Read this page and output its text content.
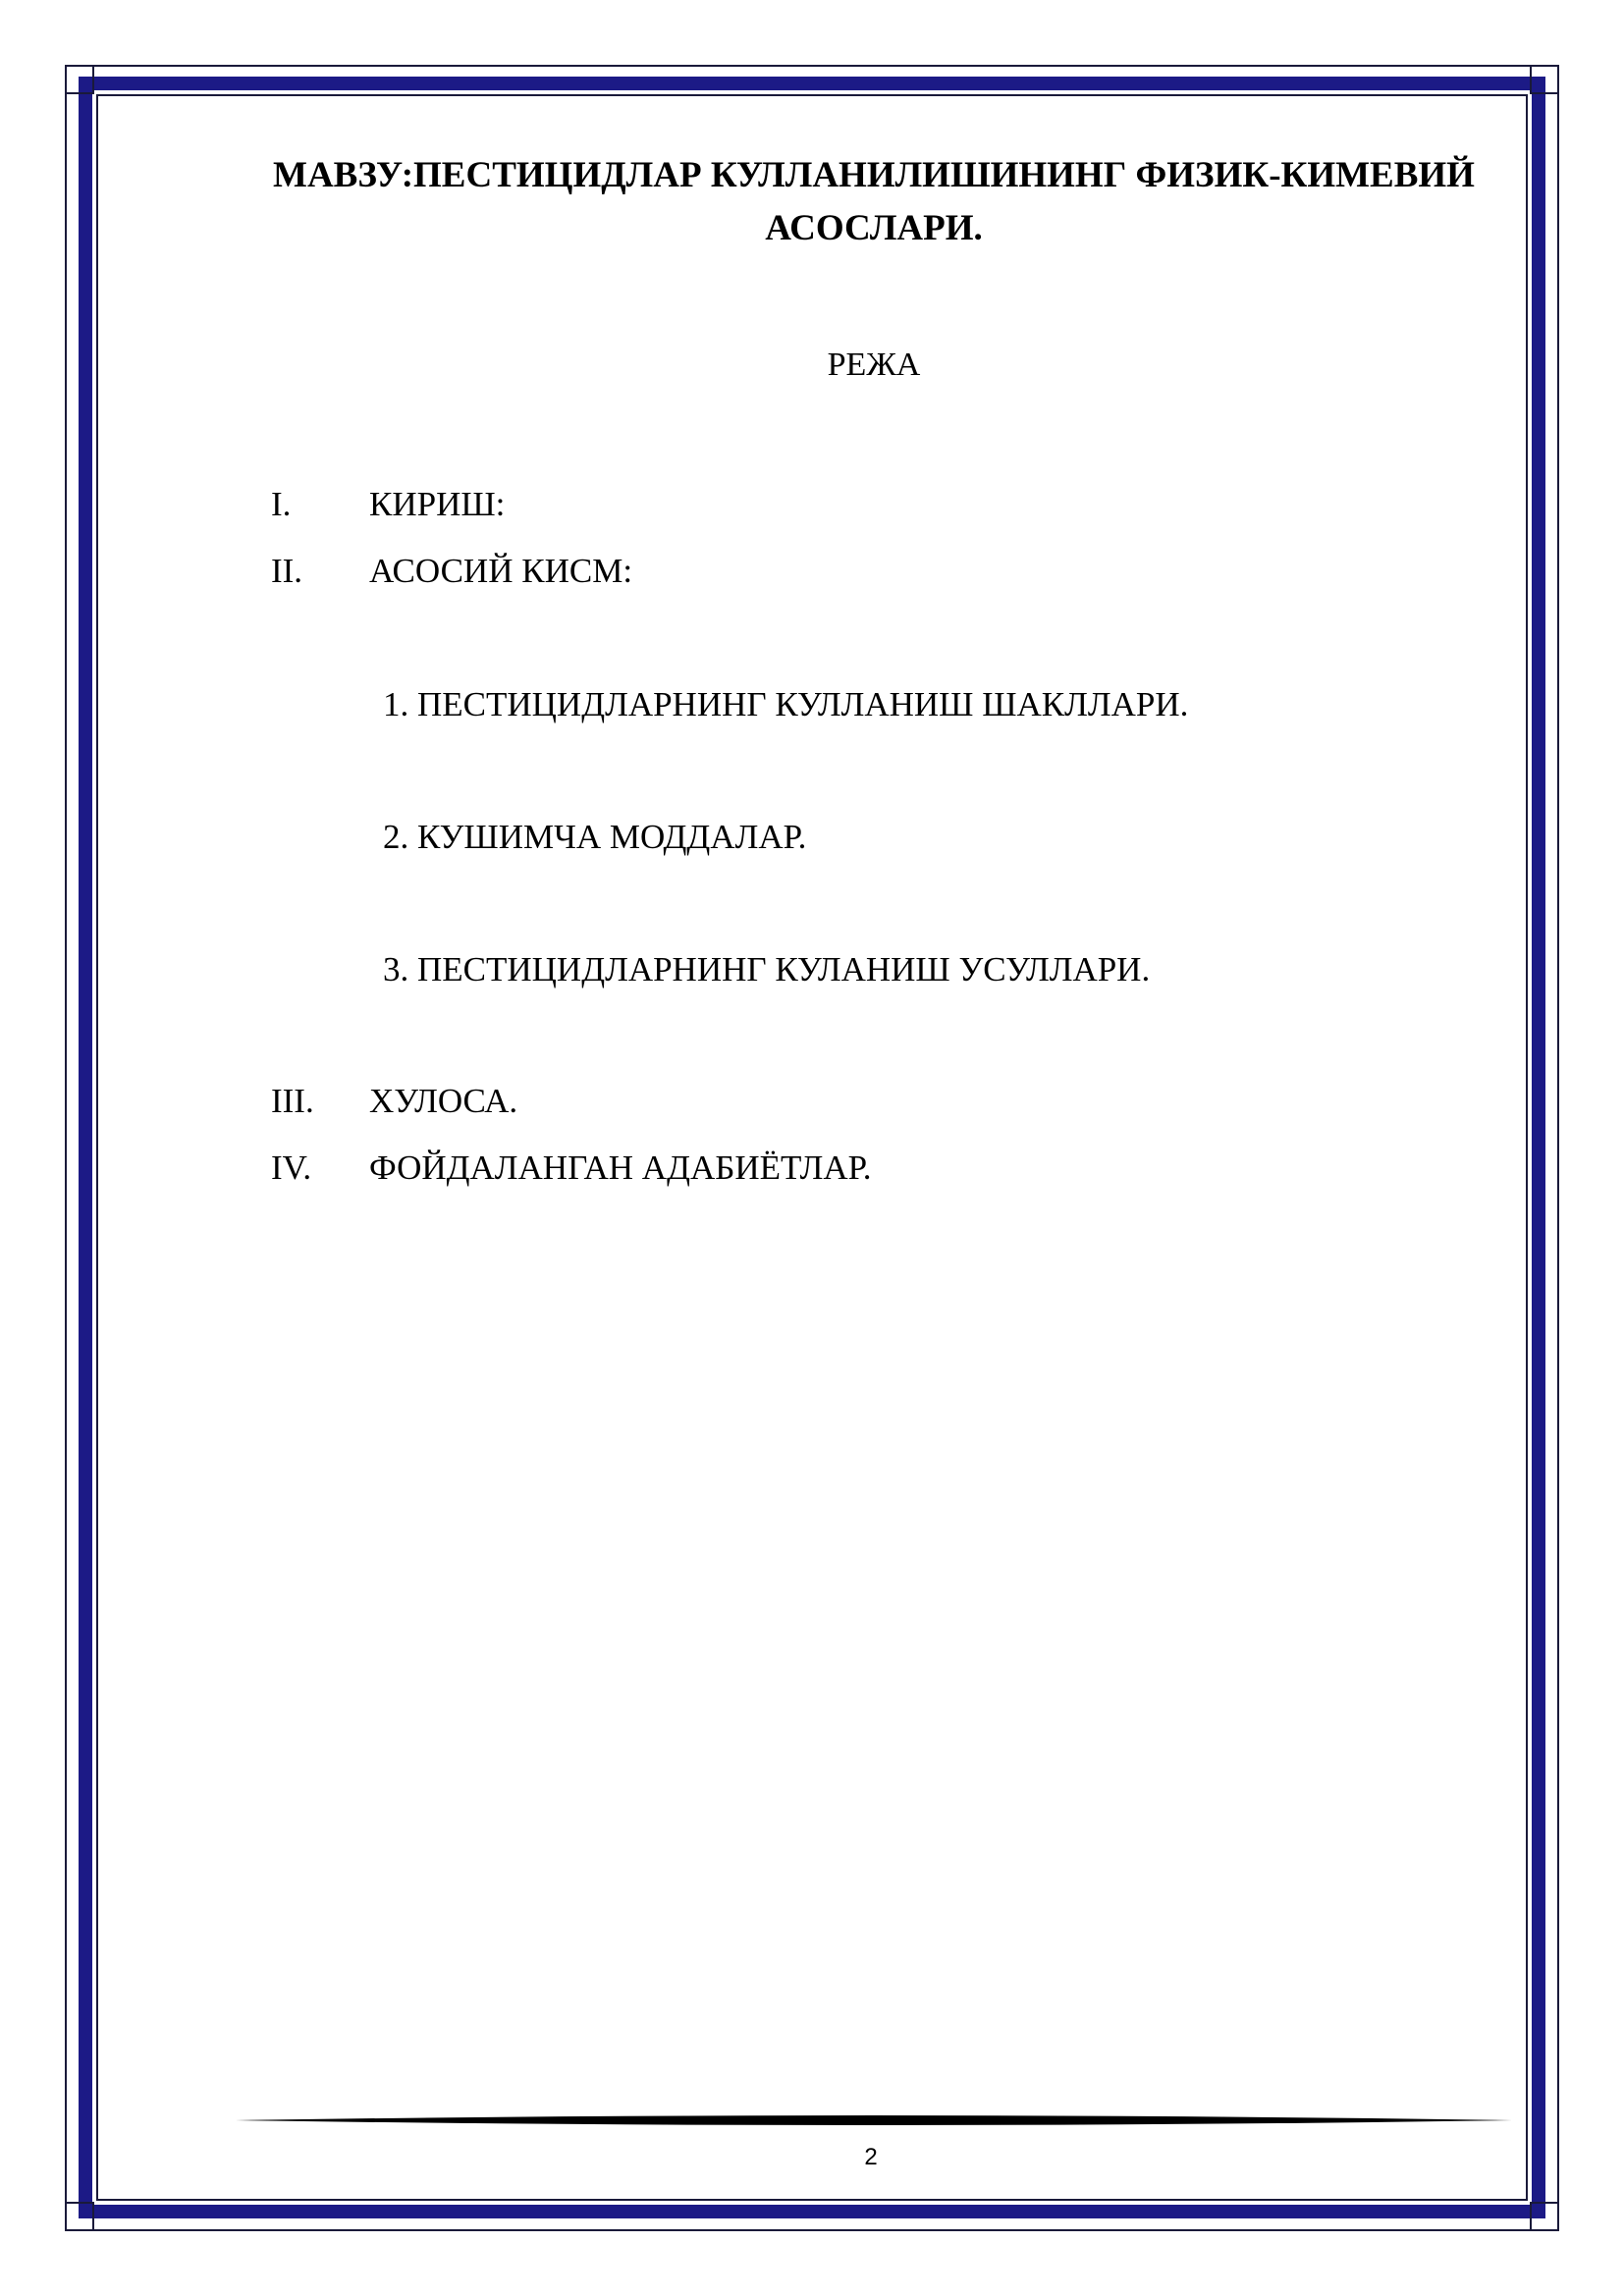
МАВЗУ:ПЕСТИЦИДЛАР КУЛЛАНИЛИШИНИНГ ФИЗИК-КИМЕВИЙ
АСОСЛАРИ.
РЕЖА
I. КИРИШ:
II. АСОСИЙ КИСМ:
1. ПЕСТИЦИДЛАРНИНГ КУЛЛАНИШ ШАКЛЛАРИ.
2. КУШИМЧА МОДДАЛАР.
3. ПЕСТИЦИДЛАРНИНГ КУЛАНИШ УСУЛЛАРИ.
III. ХУЛОСА.
IV. ФОЙДАЛАНГАН АДАБИЁТЛАР.
2
